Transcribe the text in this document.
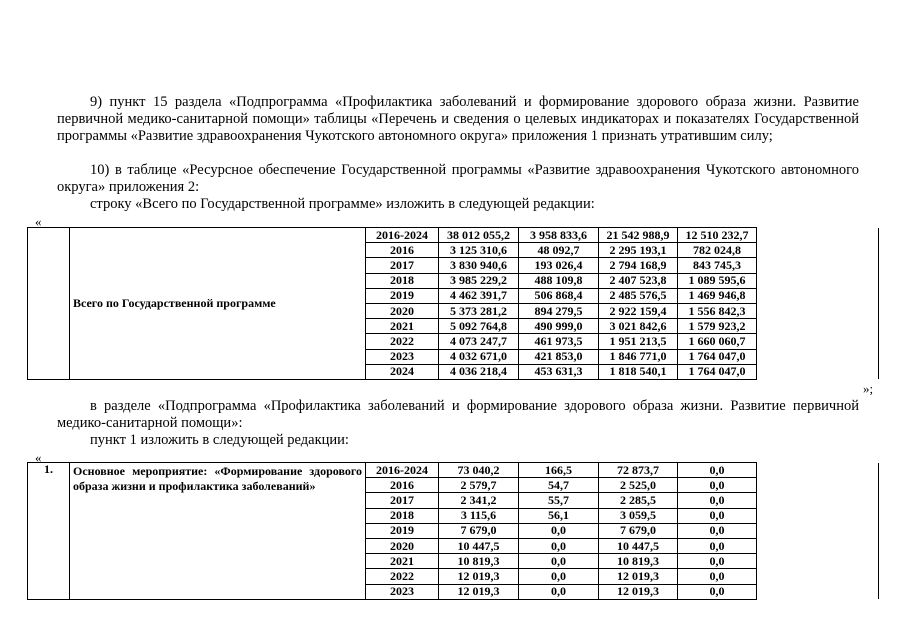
9) пункт 15 раздела «Подпрограмма «Профилактика заболеваний и формирование здорового образа жизни. Развитие первичной медико-санитарной помощи» таблицы «Перечень и сведения о целевых индикаторах и показателях Государственной программы «Развитие здравоохранения Чукотского автономного округа» приложения 1 признать утратившим силу;
10) в таблице «Ресурсное обеспечение Государственной программы «Развитие здравоохранения Чукотского автономного округа» приложения 2:
строку «Всего по Государственной программе» изложить в следующей редакции:
«
	Всего по Государственной программе	2016-2024	38 012 055,2	3 958 833,6	21 542 988,9	12 510 232,7	
		2016	3 125 310,6	48 092,7	2 295 193,1	782 024,8	
		2017	3 830 940,6	193 026,4	2 794 168,9	843 745,3	
		2018	3 985 229,2	488 109,8	2 407 523,8	1 089 595,6	
		2019	4 462 391,7	506 868,4	2 485 576,5	1 469 946,8	
		2020	5 373 281,2	894 279,5	2 922 159,4	1 556 842,3	
		2021	5 092 764,8	490 999,0	3 021 842,6	1 579 923,2	
		2022	4 073 247,7	461 973,5	1 951 213,5	1 660 060,7	
		2023	4 032 671,0	421 853,0	1 846 771,0	1 764 047,0	
		2024	4 036 218,4	453 631,3	1 818 540,1	1 764 047,0	
»;
в разделе «Подпрограмма «Профилактика заболеваний и формирование здорового образа жизни. Развитие первичной медико-санитарной помощи»:
пункт 1 изложить в следующей редакции:
«
1.	Основное мероприятие: «Формирование здорового образа жизни и профилактика заболеваний»	2016-2024	73 040,2	166,5	72 873,7	0,0	
		2016	2 579,7	54,7	2 525,0	0,0	
		2017	2 341,2	55,7	2 285,5	0,0	
		2018	3 115,6	56,1	3 059,5	0,0	
		2019	7 679,0	0,0	7 679,0	0,0	
		2020	10 447,5	0,0	10 447,5	0,0	
		2021	10 819,3	0,0	10 819,3	0,0	
		2022	12 019,3	0,0	12 019,3	0,0	
		2023	12 019,3	0,0	12 019,3	0,0	
